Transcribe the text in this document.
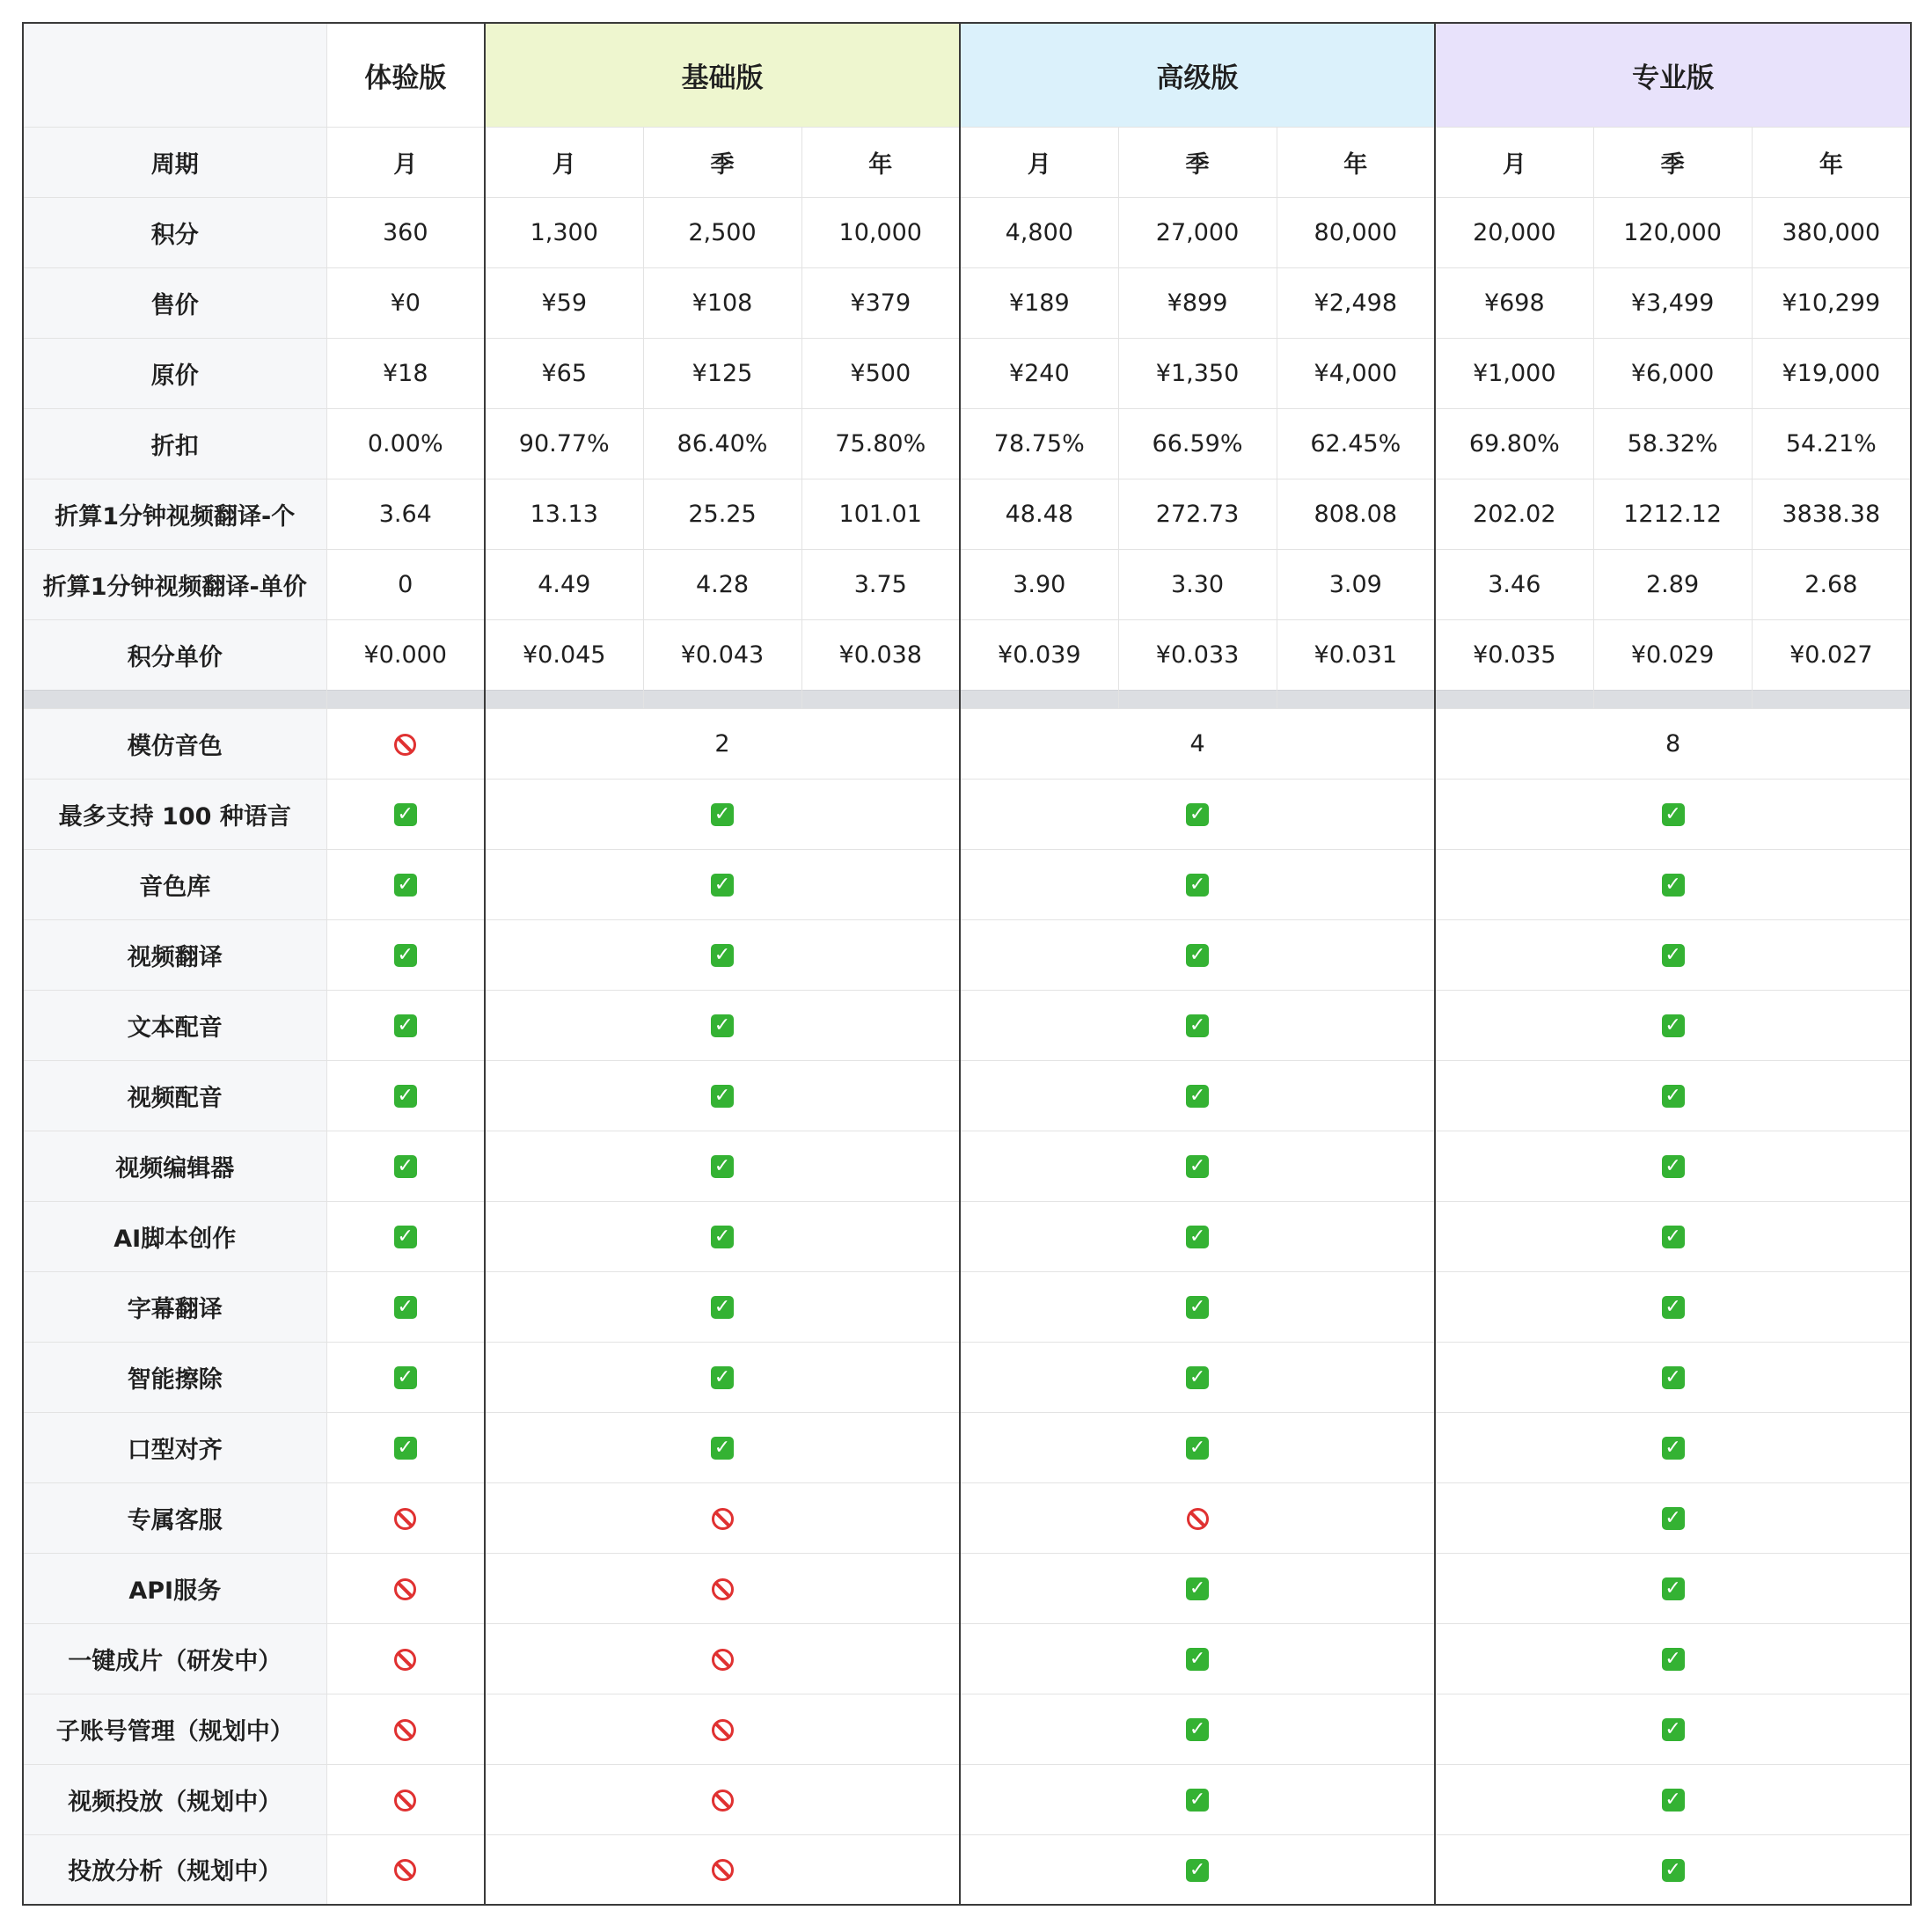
	体验版	基础版			高级版			专业版		
周期	月	月	季	年	月	季	年	月	季	年
积分	360	1,300	2,500	10,000	4,800	27,000	80,000	20,000	120,000	380,000
售价	¥0	¥59	¥108	¥379	¥189	¥899	¥2,498	¥698	¥3,499	¥10,299
原价	¥18	¥65	¥125	¥500	¥240	¥1,350	¥4,000	¥1,000	¥6,000	¥19,000
折扣	0.00%	90.77%	86.40%	75.80%	78.75%	66.59%	62.45%	69.80%	58.32%	54.21%
折算1分钟视频翻译-个	3.64	13.13	25.25	101.01	48.48	272.73	808.08	202.02	1212.12	3838.38
折算1分钟视频翻译-单价	0	4.49	4.28	3.75	3.90	3.30	3.09	3.46	2.89	2.68
积分单价	¥0.000	¥0.045	¥0.043	¥0.038	¥0.039	¥0.033	¥0.031	¥0.035	¥0.029	¥0.027

模仿音色		2			4			8		
最多支持 100 种语言	✓	✓			✓			✓		
音色库	✓	✓			✓			✓		
视频翻译	✓	✓			✓			✓		
文本配音	✓	✓			✓			✓		
视频配音	✓	✓			✓			✓		
视频编辑器	✓	✓			✓			✓		
AI脚本创作	✓	✓			✓			✓		
字幕翻译	✓	✓			✓			✓		
智能擦除	✓	✓			✓			✓		
口型对齐	✓	✓			✓			✓		
专属客服								✓		
API服务					✓			✓		
一键成片（研发中）					✓			✓		
子账号管理（规划中）					✓			✓		
视频投放（规划中）					✓			✓		
投放分析（规划中）					✓			✓		
